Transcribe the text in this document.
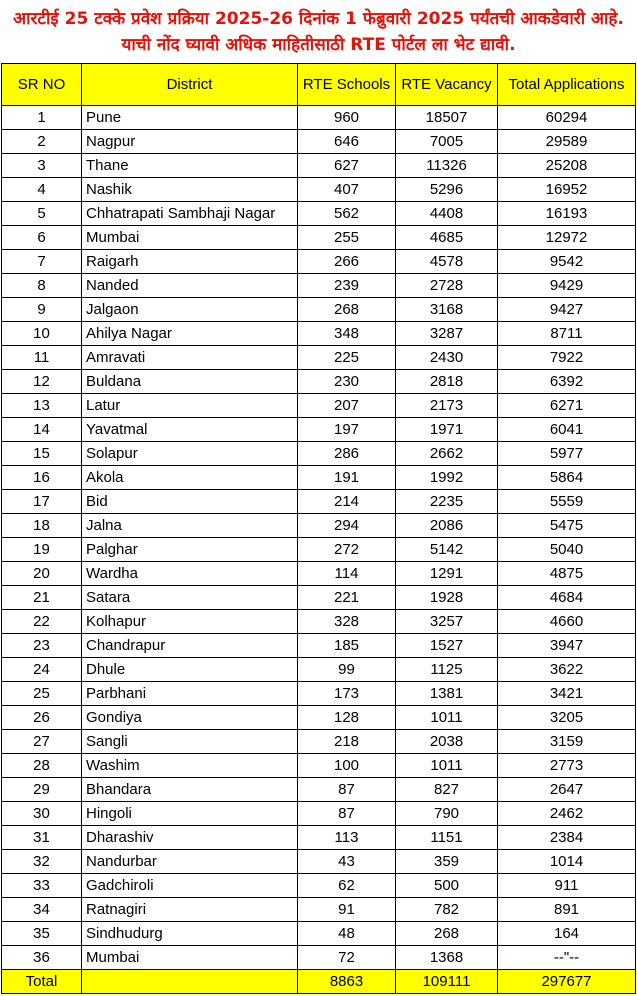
आरटीई 25 टक्के प्रवेश प्रक्रिया 2025-26 दिनांक 1 फेब्रुवारी 2025 पर्यंतची आकडेवारी आहे. याची नोंद घ्यावी अधिक माहितीसाठी RTE पोर्टल ला भेट द्यावी.
SR NO	District	RTE Schools	RTE Vacancy	Total Applications
1	Pune	960	18507	60294
2	Nagpur	646	7005	29589
3	Thane	627	11326	25208
4	Nashik	407	5296	16952
5	Chhatrapati Sambhaji Nagar	562	4408	16193
6	Mumbai	255	4685	12972
7	Raigarh	266	4578	9542
8	Nanded	239	2728	9429
9	Jalgaon	268	3168	9427
10	Ahilya Nagar	348	3287	8711
11	Amravati	225	2430	7922
12	Buldana	230	2818	6392
13	Latur	207	2173	6271
14	Yavatmal	197	1971	6041
15	Solapur	286	2662	5977
16	Akola	191	1992	5864
17	Bid	214	2235	5559
18	Jalna	294	2086	5475
19	Palghar	272	5142	5040
20	Wardha	114	1291	4875
21	Satara	221	1928	4684
22	Kolhapur	328	3257	4660
23	Chandrapur	185	1527	3947
24	Dhule	99	1125	3622
25	Parbhani	173	1381	3421
26	Gondiya	128	1011	3205
27	Sangli	218	2038	3159
28	Washim	100	1011	2773
29	Bhandara	87	827	2647
30	Hingoli	87	790	2462
31	Dharashiv	113	1151	2384
32	Nandurbar	43	359	1014
33	Gadchiroli	62	500	911
34	Ratnagiri	91	782	891
35	Sindhudurg	48	268	164
36	Mumbai	72	1368	--"--
Total		8863	109111	297677
